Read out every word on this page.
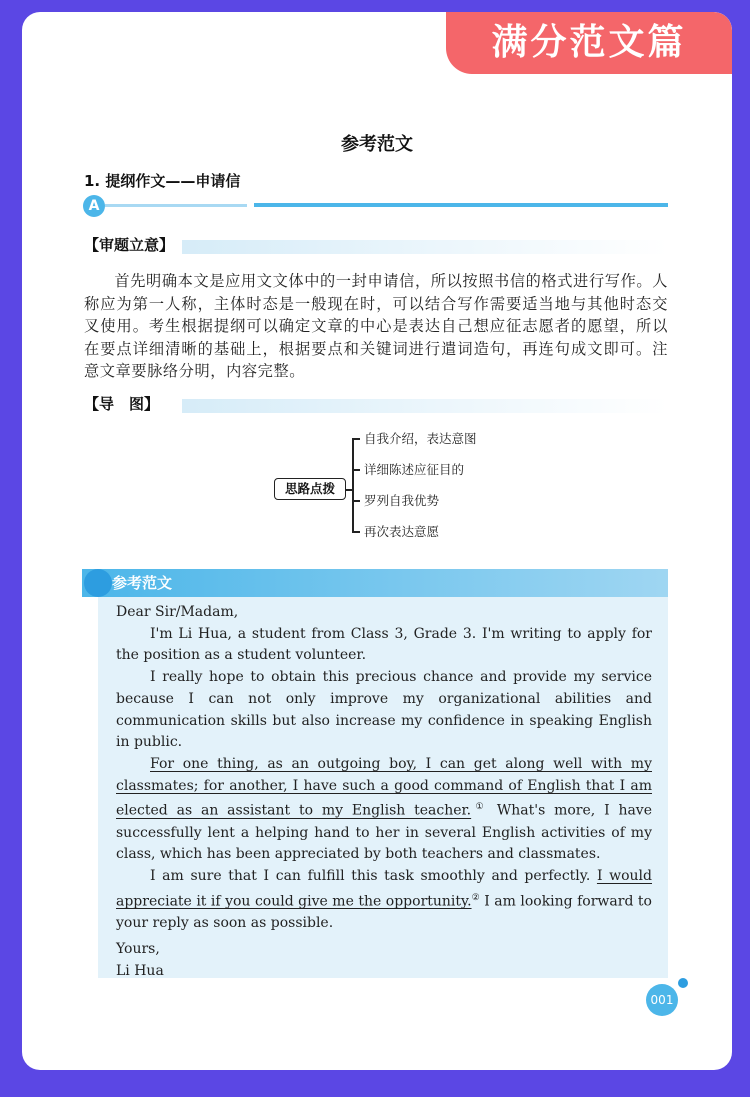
满分范文篇
参考范文
1. 提纲作文——申请信
A
【审题立意】
首先明确本文是应用文文体中的一封申请信，所以按照书信的格式进行写作。人称应为第一人称，主体时态是一般现在时，可以结合写作需要适当地与其他时态交叉使用。考生根据提纲可以确定文章的中心是表达自己想应征志愿者的愿望，所以在要点详细清晰的基础上，根据要点和关键词进行遣词造句，再连句成文即可。注意文章要脉络分明，内容完整。
【导　图】
思路点拨
自我介绍，表达意图
详细陈述应征目的
罗列自我优势
再次表达意愿
参考范文

Dear Sir/Madam,

I'm Li Hua, a student from Class 3, Grade 3. I'm writing to apply for the position as a student volunteer.

I really hope to obtain this precious chance and provide my service because I can not only improve my organizational abilities and communication skills but also increase my confidence in speaking English in public.

For one thing, as an outgoing boy, I can get along well with my classmates; for another, I have such a good command of English that I am elected as an assistant to my English teacher.① What's more, I have successfully lent a helping hand to her in several English activities of my class, which has been appreciated by both teachers and classmates.

I am sure that I can fulfill this task smoothly and perfectly. I would appreciate it if you could give me the opportunity.② I am looking forward to your reply as soon as possible.

Yours,

Li Hua

001
